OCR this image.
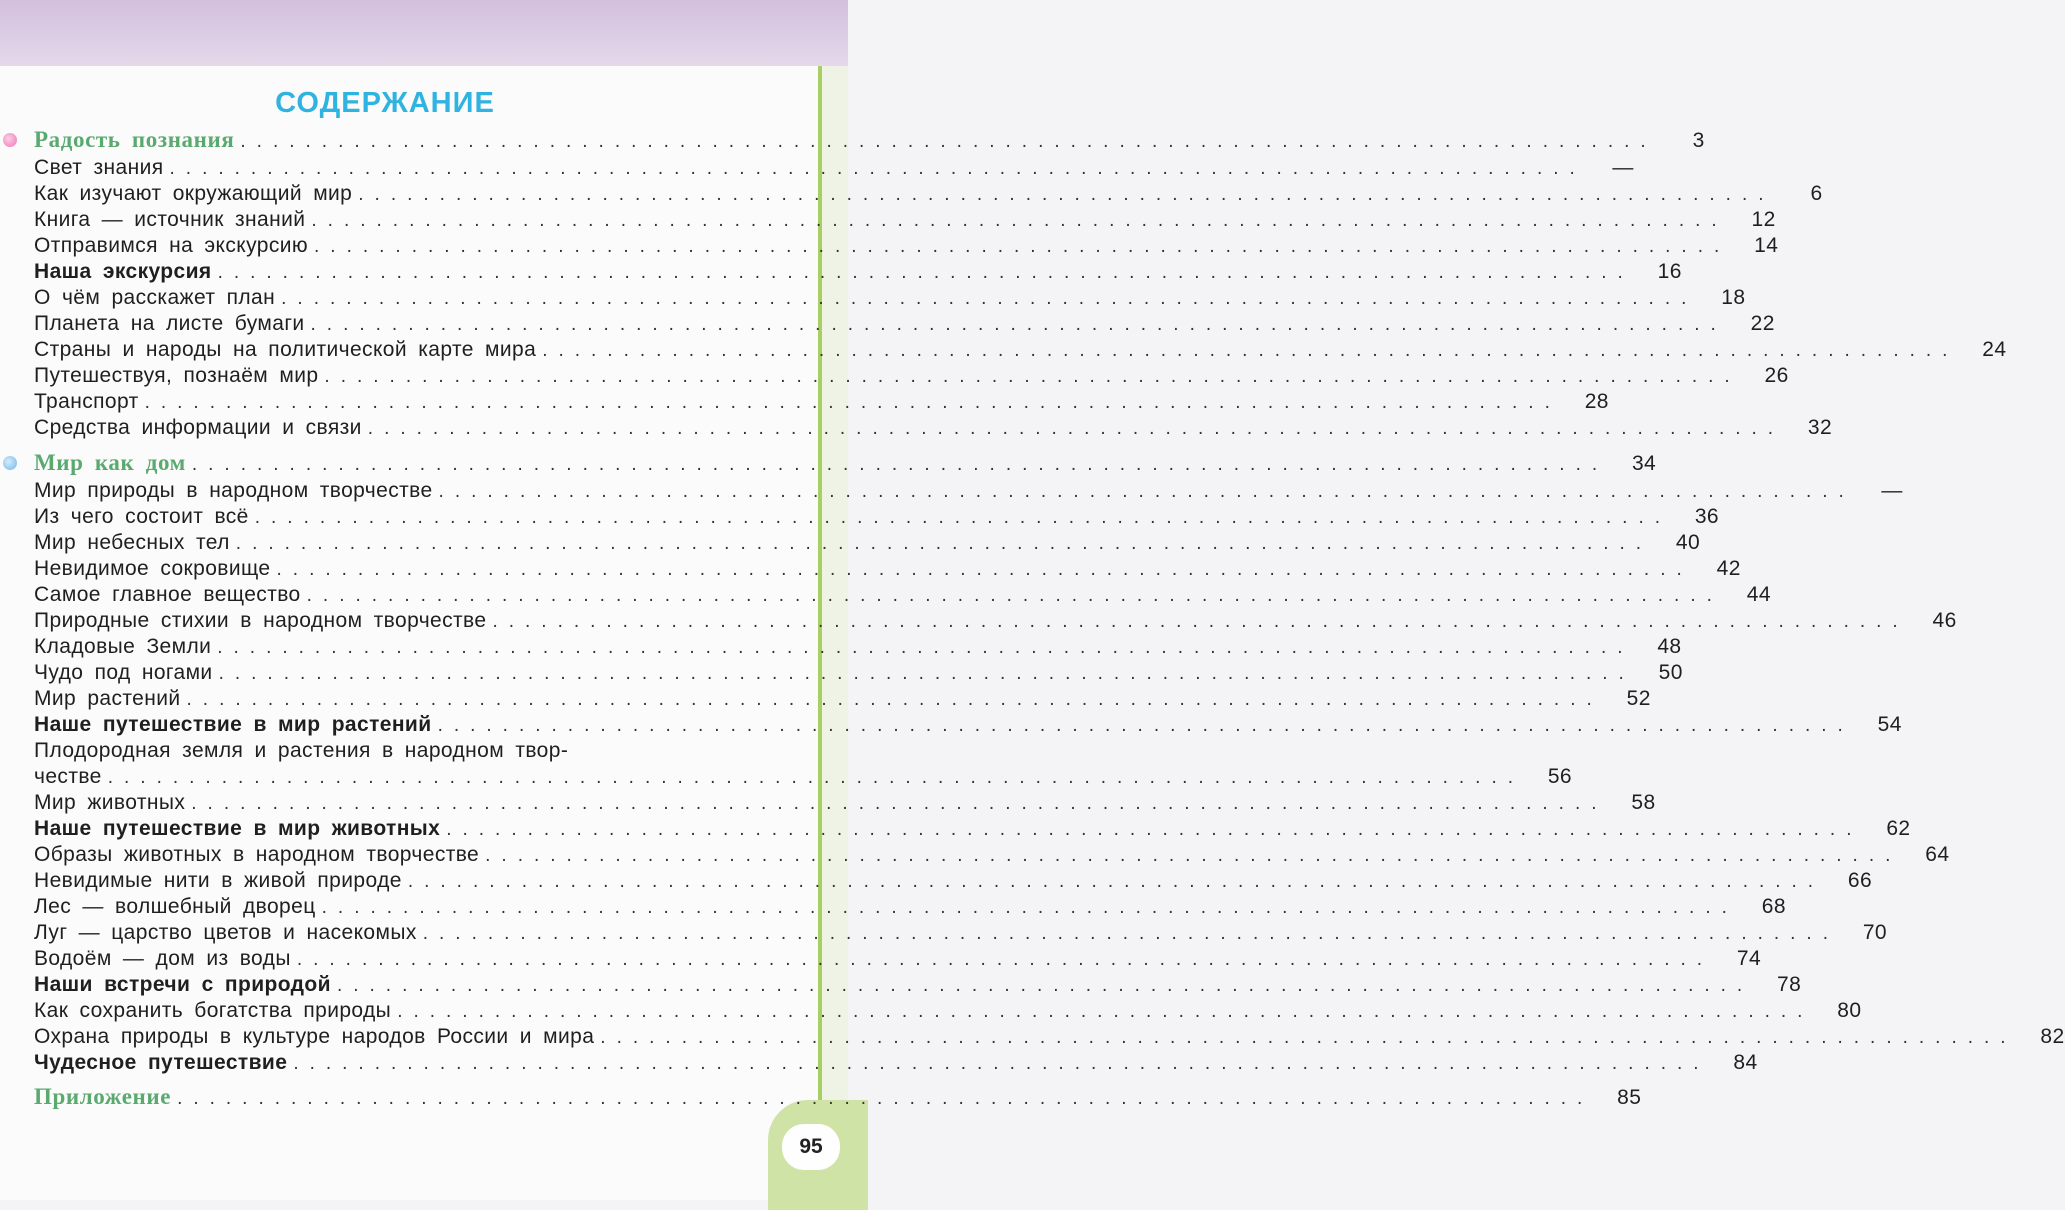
95
СОДЕРЖАНИЕ
Радость познания .......................................................................................	3
Свет знания .......................................................................................	—
Как изучают окружающий мир .......................................................................................	6
Книга — источник знаний .......................................................................................	12
Отправимся на экскурсию .......................................................................................	14
Наша экскурсия .......................................................................................	16
О чём расскажет план .......................................................................................	18
Планета на листе бумаги .......................................................................................	22
Страны и народы на политической карте мира .......................................................................................	24
Путешествуя, познаём мир .......................................................................................	26
Транспорт .......................................................................................	28
Средства информации и связи .......................................................................................	32
Мир как дом .......................................................................................	34
Мир природы в народном творчестве .......................................................................................	—
Из чего состоит всё .......................................................................................	36
Мир небесных тел .......................................................................................	40
Невидимое сокровище .......................................................................................	42
Самое главное вещество .......................................................................................	44
Природные стихии в народном творчестве .......................................................................................	46
Кладовые Земли .......................................................................................	48
Чудо под ногами .......................................................................................	50
Мир растений .......................................................................................	52
Наше путешествие в мир растений .......................................................................................	54
Плодородная земля и растения в народном твор-
честве .......................................................................................	56
Мир животных .......................................................................................	58
Наше путешествие в мир животных .......................................................................................	62
Образы животных в народном творчестве .......................................................................................	64
Невидимые нити в живой природе .......................................................................................	66
Лес — волшебный дворец .......................................................................................	68
Луг — царство цветов и насекомых .......................................................................................	70
Водоём — дом из воды .......................................................................................	74
Наши встречи с природой .......................................................................................	78
Как сохранить богатства природы .......................................................................................	80
Охрана природы в культуре народов России и мира .......................................................................................	82
Чудесное путешествие .......................................................................................	84
Приложение .......................................................................................	85
